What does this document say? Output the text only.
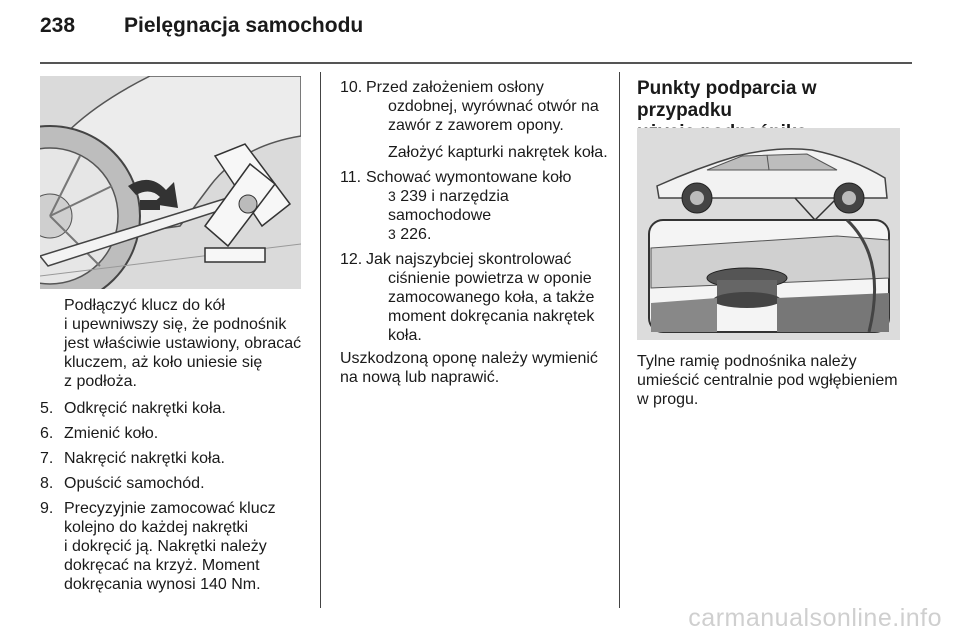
238 Pielęgnacja samochodu

Podłączyć klucz do kół
i upewniwszy się, że podnośnik
jest właściwie ustawiony, obracać
kluczem, aż koło uniesie się
z podłoża.

5. Odkręcić nakrętki koła.
6. Zmienić koło.
7. Nakręcić nakrętki koła.
8. Opuścić samochód.
9. Precyzyjnie zamocować klucz
kolejno do każdej nakrętki
i dokręcić ją. Nakrętki należy
dokręcać na krzyż. Moment
dokręcania wynosi 140 Nm.
10. Przed założeniem osłony
ozdobnej, wyrównać otwór na
zawór z zaworem opony.

Założyć kapturki nakrętek koła.

11. Schować wymontowane koło
3 239 i narzędzia samochodowe
3 226.
12. Jak najszybciej skontrolować
ciśnienie powietrza w oponie
zamocowanego koła, a także
moment dokręcania nakrętek
koła.

Uszkodzoną oponę należy wymienić
na nową lub naprawić.

Punkty podparcia w przypadku

Tylne ramię podnośnika należy
umieścić centralnie pod wgłębieniem
w progu.

carmanualsonline.info
